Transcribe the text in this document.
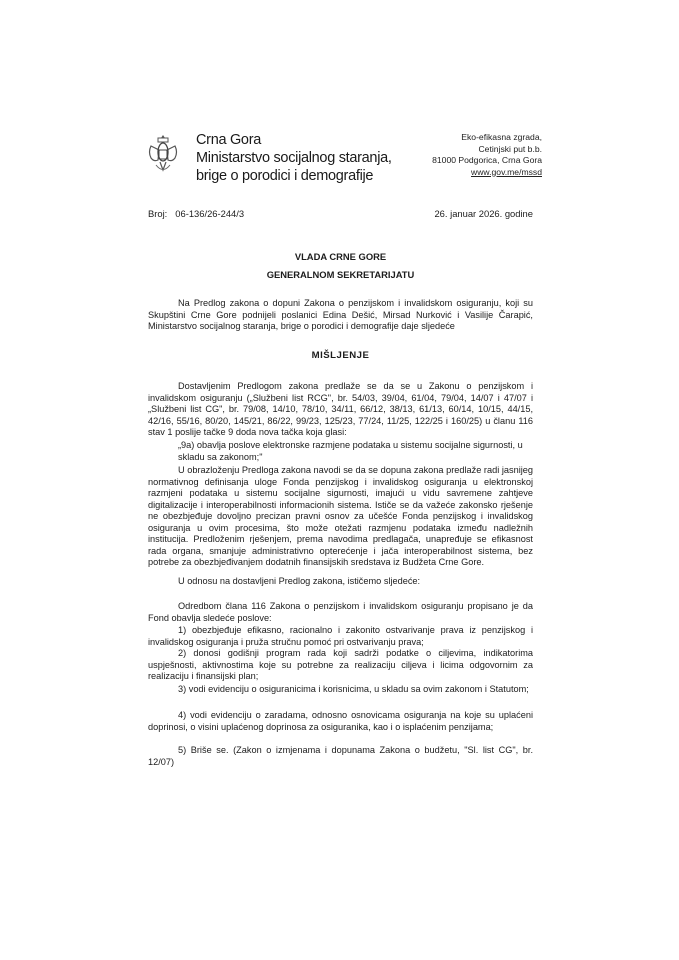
Crna Gora
Ministarstvo socijalnog staranja,
brige o porodici i demografije
Eko-efikasna zgrada,
Cetinjski put b.b.
81000 Podgorica, Crna Gora
www.gov.me/mssd
Broj: 06-136/26-244/3	26. januar 2026. godine
VLADA CRNE GORE
GENERALNOM SEKRETARIJATU
Na Predlog zakona o dopuni Zakona o penzijskom i invalidskom osiguranju, koji su Skupštini Crne Gore podnijeli poslanici Edina Dešić, Mirsad Nurković i Vasilije Čarapić, Ministarstvo socijalnog staranja, brige o porodici i demografije daje sljedeće
MIŠLJENJE
Dostavljenim Predlogom zakona predlaže se da se u Zakonu o penzijskom i invalidskom osiguranju („Službeni list RCG", br. 54/03, 39/04, 61/04, 79/04, 14/07 i 47/07 i „Službeni list CG", br. 79/08, 14/10, 78/10, 34/11, 66/12, 38/13, 61/13, 60/14, 10/15, 44/15, 42/16, 55/16, 80/20, 145/21, 86/22, 99/23, 125/23, 77/24, 11/25, 122/25 i 160/25) u članu 116 stav 1 poslije tačke 9 doda nova tačka koja glasi:
„9a) obavlja poslove elektronske razmjene podataka u sistemu socijalne sigurnosti, u skladu sa zakonom;"
U obrazloženju Predloga zakona navodi se da se dopuna zakona predlaže radi jasnijeg normativnog definisanja uloge Fonda penzijskog i invalidskog osiguranja u elektronskoj razmjeni podataka u sistemu socijalne sigurnosti, imajući u vidu savremene zahtjeve digitalizacije i interoperabilnosti informacionih sistema. Ističe se da važeće zakonsko rješenje ne obezbjeđuje dovoljno precizan pravni osnov za učešće Fonda penzijskog i invalidskog osiguranja u ovim procesima, što može otežati razmjenu podataka između nadležnih institucija. Predloženim rješenjem, prema navodima predlagača, unapređuje se efikasnost rada organa, smanjuje administrativno opterećenje i jača interoperabilnost sistema, bez potrebe za obezbjeđivanjem dodatnih finansijskih sredstava iz Budžeta Crne Gore.
U odnosu na dostavljeni Predlog zakona, ističemo sljedeće:
Odredbom člana 116 Zakona o penzijskom i invalidskom osiguranju propisano je da Fond obavlja sledeće poslove:
1) obezbjeđuje efikasno, racionalno i zakonito ostvarivanje prava iz penzijskog i invalidskog osiguranja i pruža stručnu pomoć pri ostvarivanju prava;
2) donosi godišnji program rada koji sadrži podatke o ciljevima, indikatorima uspješnosti, aktivnostima koje su potrebne za realizaciju ciljeva i licima odgovornim za realizaciju i finansijski plan;
3) vodi evidenciju o osiguranicima i korisnicima, u skladu sa ovim zakonom i Statutom;
4) vodi evidenciju o zaradama, odnosno osnovicama osiguranja na koje su uplaćeni doprinosi, o visini uplaćenog doprinosa za osiguranika, kao i o isplaćenim penzijama;
5) Briše se. (Zakon o izmjenama i dopunama Zakona o budžetu, "Sl. list CG", br. 12/07)
